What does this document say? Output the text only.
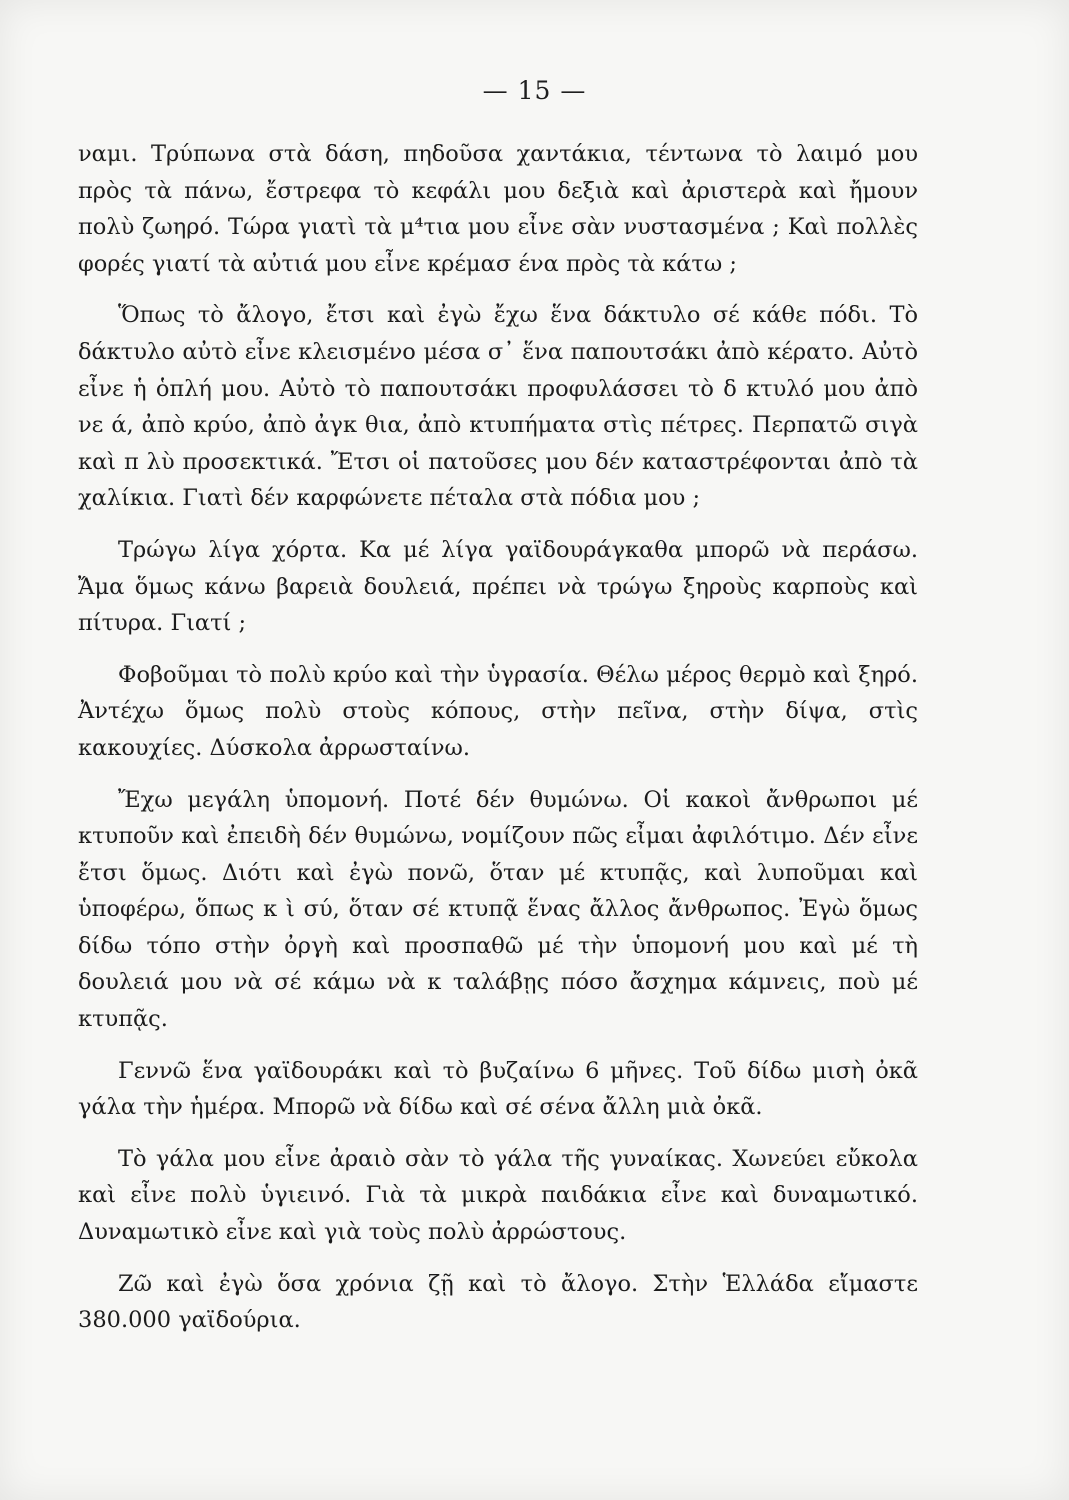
— 15 —

ναμι. Τρύπωνα στὰ δάση, πηδοῦσα χαντάκια, τέντωνα τὸ λαιμό μου πρὸς τὰ πάνω, ἔστρεφα τὸ κεφάλι μου δεξιὰ καὶ ἀριστερὰ καὶ ἤμουν πολὺ ζωηρό. Τώρα γιατὶ τὰ μ⁴τια μου εἶνε σὰν νυστασμένα ; Καὶ πολλὲς φορές γιατί τὰ αὐτιά μου εἶνε κρέμασ ένα πρὸς τὰ κάτω ;

Ὅπως τὸ ἄλογο, ἔτσι καὶ ἐγὼ ἔχω ἕνα δάκτυλο σέ κάθε πόδι. Τὸ δάκτυλο αὐτὸ εἶνε κλεισμένο μέσα σ᾿ ἕνα παπουτσάκι ἀπὸ κέρατο. Αὐτὸ εἶνε ἡ ὁπλή μου. Αὐτὸ τὸ παπουτσάκι προφυλάσσει τὸ δ κτυλό μου ἀπὸ νε ά, ἀπὸ κρύο, ἀπὸ ἀγκ θια, ἀπὸ κτυπήματα στὶς πέτρες. Περπατῶ σιγὰ καὶ π λὺ προσεκτικά. Ἔτσι οἱ πατοῦσες μου δέν καταστρέφονται ἀπὸ τὰ χαλίκια. Γιατὶ δέν καρφώνετε πέταλα στὰ πόδια μου ;

Τρώγω λίγα χόρτα. Κα μέ λίγα γαϊδουράγκαθα μπορῶ νὰ περάσω. Ἄμα ὅμως κάνω βαρειὰ δουλειά, πρέπει νὰ τρώγω ξηροὺς καρποὺς καὶ πίτυρα. Γιατί ;

Φοβοῦμαι τὸ πολὺ κρύο καὶ τὴν ὑγρασία. Θέλω μέρος θερμὸ καὶ ξηρό. Ἀντέχω ὅμως πολὺ στοὺς κόπους, στὴν πεῖνα, στὴν δίψα, στὶς κακουχίες. Δύσκολα ἀρρωσταίνω.

Ἔχω μεγάλη ὑπομονή. Ποτέ δέν θυμώνω. Οἱ κακοὶ ἄνθρωποι μέ κτυποῦν καὶ ἐπειδὴ δέν θυμώνω, νομίζουν πῶς εἶμαι ἀφιλότιμο. Δέν εἶνε ἔτσι ὅμως. Διότι καὶ ἐγὼ πονῶ, ὅταν μέ κτυπᾷς, καὶ λυποῦμαι καὶ ὑποφέρω, ὅπως κ ὶ σύ, ὅταν σέ κτυπᾷ ἕνας ἄλλος ἄνθρωπος. Ἐγὼ ὅμως δίδω τόπο στὴν ὀργὴ καὶ προσπαθῶ μέ τὴν ὑπομονή μου καὶ μέ τὴ δουλειά μου νὰ σέ κάμω νὰ κ ταλάβῃς πόσο ἄσχημα κάμνεις, ποὺ μέ κτυπᾷς.

Γεννῶ ἕνα γαϊδουράκι καὶ τὸ βυζαίνω 6 μῆνες. Τοῦ δίδω μισὴ ὀκᾶ γάλα τὴν ἡμέρα. Μπορῶ νὰ δίδω καὶ σέ σένα ἄλλη μιὰ ὀκᾶ.

Τὸ γάλα μου εἶνε ἀραιὸ σὰν τὸ γάλα τῆς γυναίκας. Χωνεύει εὔκολα καὶ εἶνε πολὺ ὑγιεινό. Γιὰ τὰ μικρὰ παιδάκια εἶνε καὶ δυναμωτικό. Δυναμωτικὸ εἶνε καὶ γιὰ τοὺς πολὺ ἀρρώστους.

Ζῶ καὶ ἐγὼ ὅσα χρόνια ζῇ καὶ τὸ ἄλογο. Στὴν Ἑλλάδα εἴμαστε 380.000 γαϊδούρια.
